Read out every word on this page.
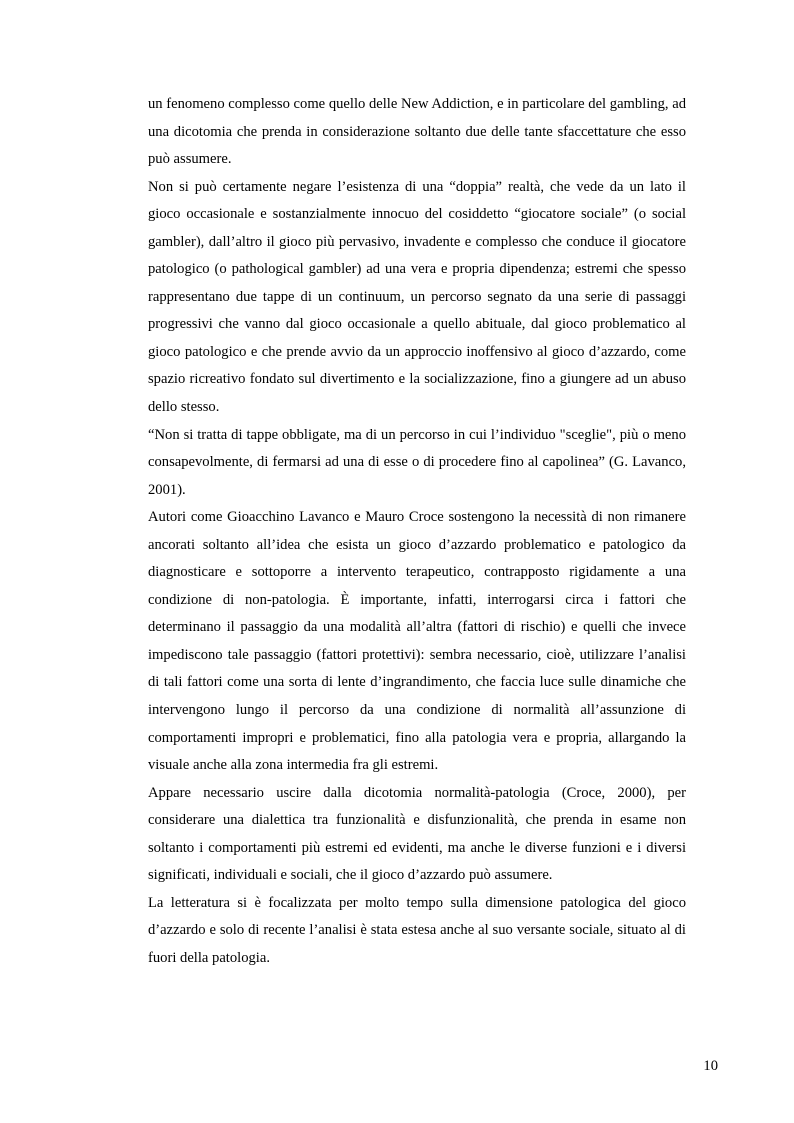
un fenomeno complesso come quello delle New Addiction, e in particolare del gambling, ad una dicotomia che prenda in considerazione soltanto due delle tante sfaccettature che esso può assumere.

Non si può certamente negare l’esistenza di una “doppia” realtà, che vede da un lato il gioco occasionale e sostanzialmente innocuo del cosiddetto “giocatore sociale” (o social gambler), dall’altro il gioco più pervasivo, invadente e complesso che conduce il giocatore patologico (o pathological gambler) ad una vera e propria dipendenza; estremi che spesso rappresentano due tappe di un continuum, un percorso segnato da una serie di passaggi progressivi che vanno dal gioco occasionale a quello abituale, dal gioco problematico al gioco patologico e che prende avvio da un approccio inoffensivo al gioco d’azzardo, come spazio ricreativo fondato sul divertimento e la socializzazione, fino a giungere ad un abuso dello stesso.

“Non si tratta di tappe obbligate, ma di un percorso in cui l’individuo "sceglie", più o meno consapevolmente, di fermarsi ad una di esse o di procedere fino al capolinea” (G. Lavanco, 2001).

Autori come Gioacchino Lavanco e Mauro Croce sostengono la necessità di non rimanere ancorati soltanto all’idea che esista un gioco d’azzardo problematico e patologico da diagnosticare e sottoporre a intervento terapeutico, contrapposto rigidamente a una condizione di non-patologia. È importante, infatti, interrogarsi circa i fattori che determinano il passaggio da una modalità all’altra (fattori di rischio) e quelli che invece impediscono tale passaggio (fattori protettivi): sembra necessario, cioè, utilizzare l’analisi di tali fattori come una sorta di lente d’ingrandimento, che faccia luce sulle dinamiche che intervengono lungo il percorso da una condizione di normalità all’assunzione di comportamenti impropri e problematici, fino alla patologia vera e propria, allargando la visuale anche alla zona intermedia fra gli estremi.

Appare necessario uscire dalla dicotomia normalità-patologia (Croce, 2000), per considerare una dialettica tra funzionalità e disfunzionalità, che prenda in esame non soltanto i comportamenti più estremi ed evidenti, ma anche le diverse funzioni e i diversi significati, individuali e sociali, che il gioco d’azzardo può assumere.

La letteratura si è focalizzata per molto tempo sulla dimensione patologica del gioco d’azzardo e solo di recente l’analisi è stata estesa anche al suo versante sociale, situato al di fuori della patologia.

10
